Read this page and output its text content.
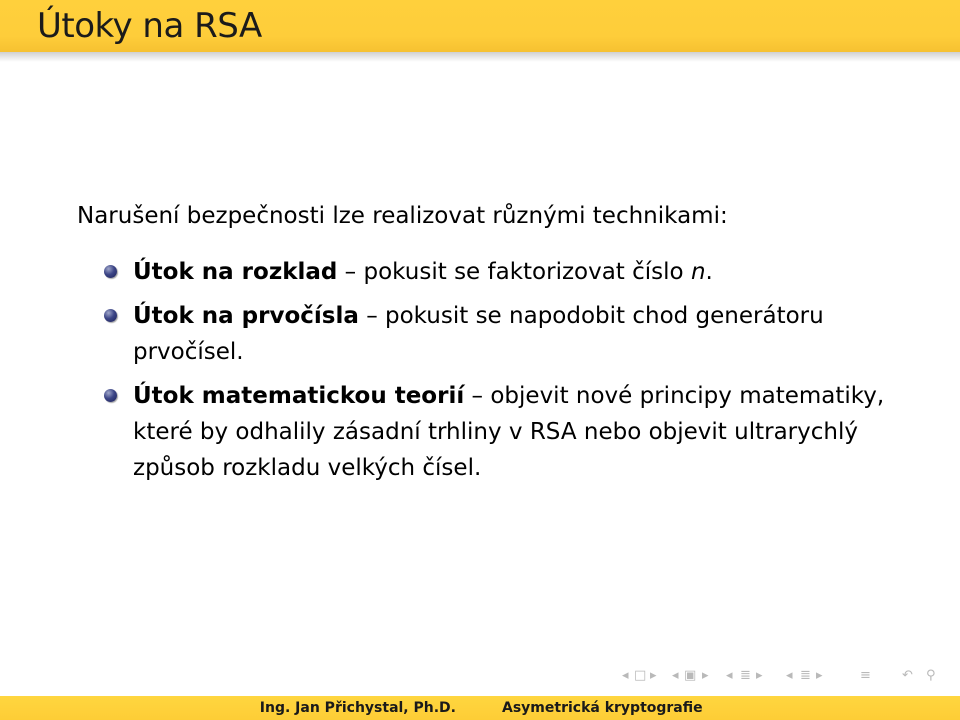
Útoky na RSA

Narušení bezpečnosti lze realizovat různými technikami:

Útok na rozklad – pokusit se faktorizovat číslo n.
Útok na prvočísla – pokusit se napodobit chod generátoru prvočísel.
Útok matematickou teorií – objevit nové principy matematiky, které by odhalily zásadní trhliny v RSA nebo objevit ultrarychlý způsob rozkladu velkých čísel.
◂ □ ▸ ◂ ▣ ▸ ◂ ≣ ▸ ◂ ≣ ▸	≡ ↶ ⚲
Ing. Jan Přichystal, Ph.D.	Asymetrická kryptografie
